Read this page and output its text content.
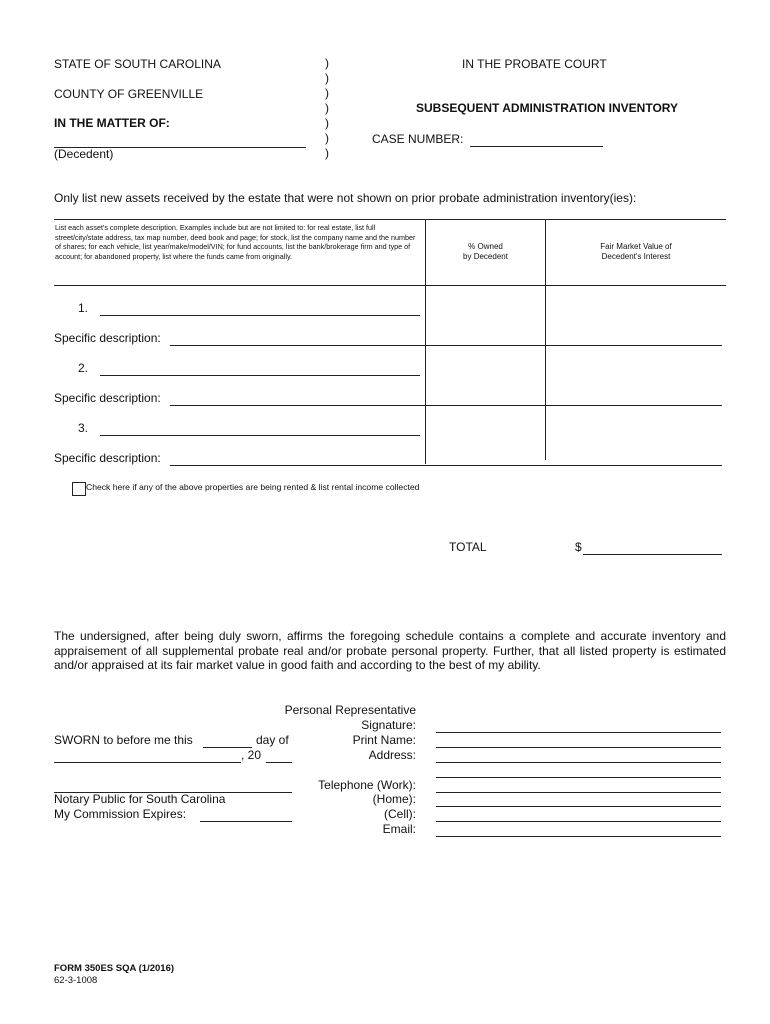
STATE OF SOUTH CAROLINA
COUNTY OF GREENVILLE
IN THE MATTER OF:
(Decedent)
)
)
)
)
)
)
)
IN THE PROBATE COURT
SUBSEQUENT ADMINISTRATION INVENTORY
CASE NUMBER:
Only list new assets received by the estate that were not shown on prior probate administration inventory(ies):
List each asset's complete description. Examples include but are not limited to: for real estate, list full street/city/state address, tax map number, deed book and page; for stock, list the company name and the number of shares; for each vehicle, list year/make/model/VIN; for fund accounts, list the bank/brokerage firm and type of account; for abandoned property, list where the funds came from originally.
% Owned
by Decedent
Fair Market Value of
Decedent's Interest
1.
Specific description:
2.
Specific description:
3.
Specific description:
Check here if any of the above properties are being rented & list rental income collected
TOTAL	$
The undersigned, after being duly sworn, affirms the foregoing schedule contains a complete and accurate inventory and appraisement of all supplemental probate real and/or probate personal property. Further, that all listed property is estimated and/or appraised at its fair market value in good faith and according to the best of my ability.
SWORN to before me this	day of
, 20
Notary Public for South Carolina
My Commission Expires:
Personal Representative
Signature:
Print Name:
Address:
Telephone (Work):
(Home):
(Cell):
Email:
FORM 350ES SQA (1/2016)
62-3-1008
